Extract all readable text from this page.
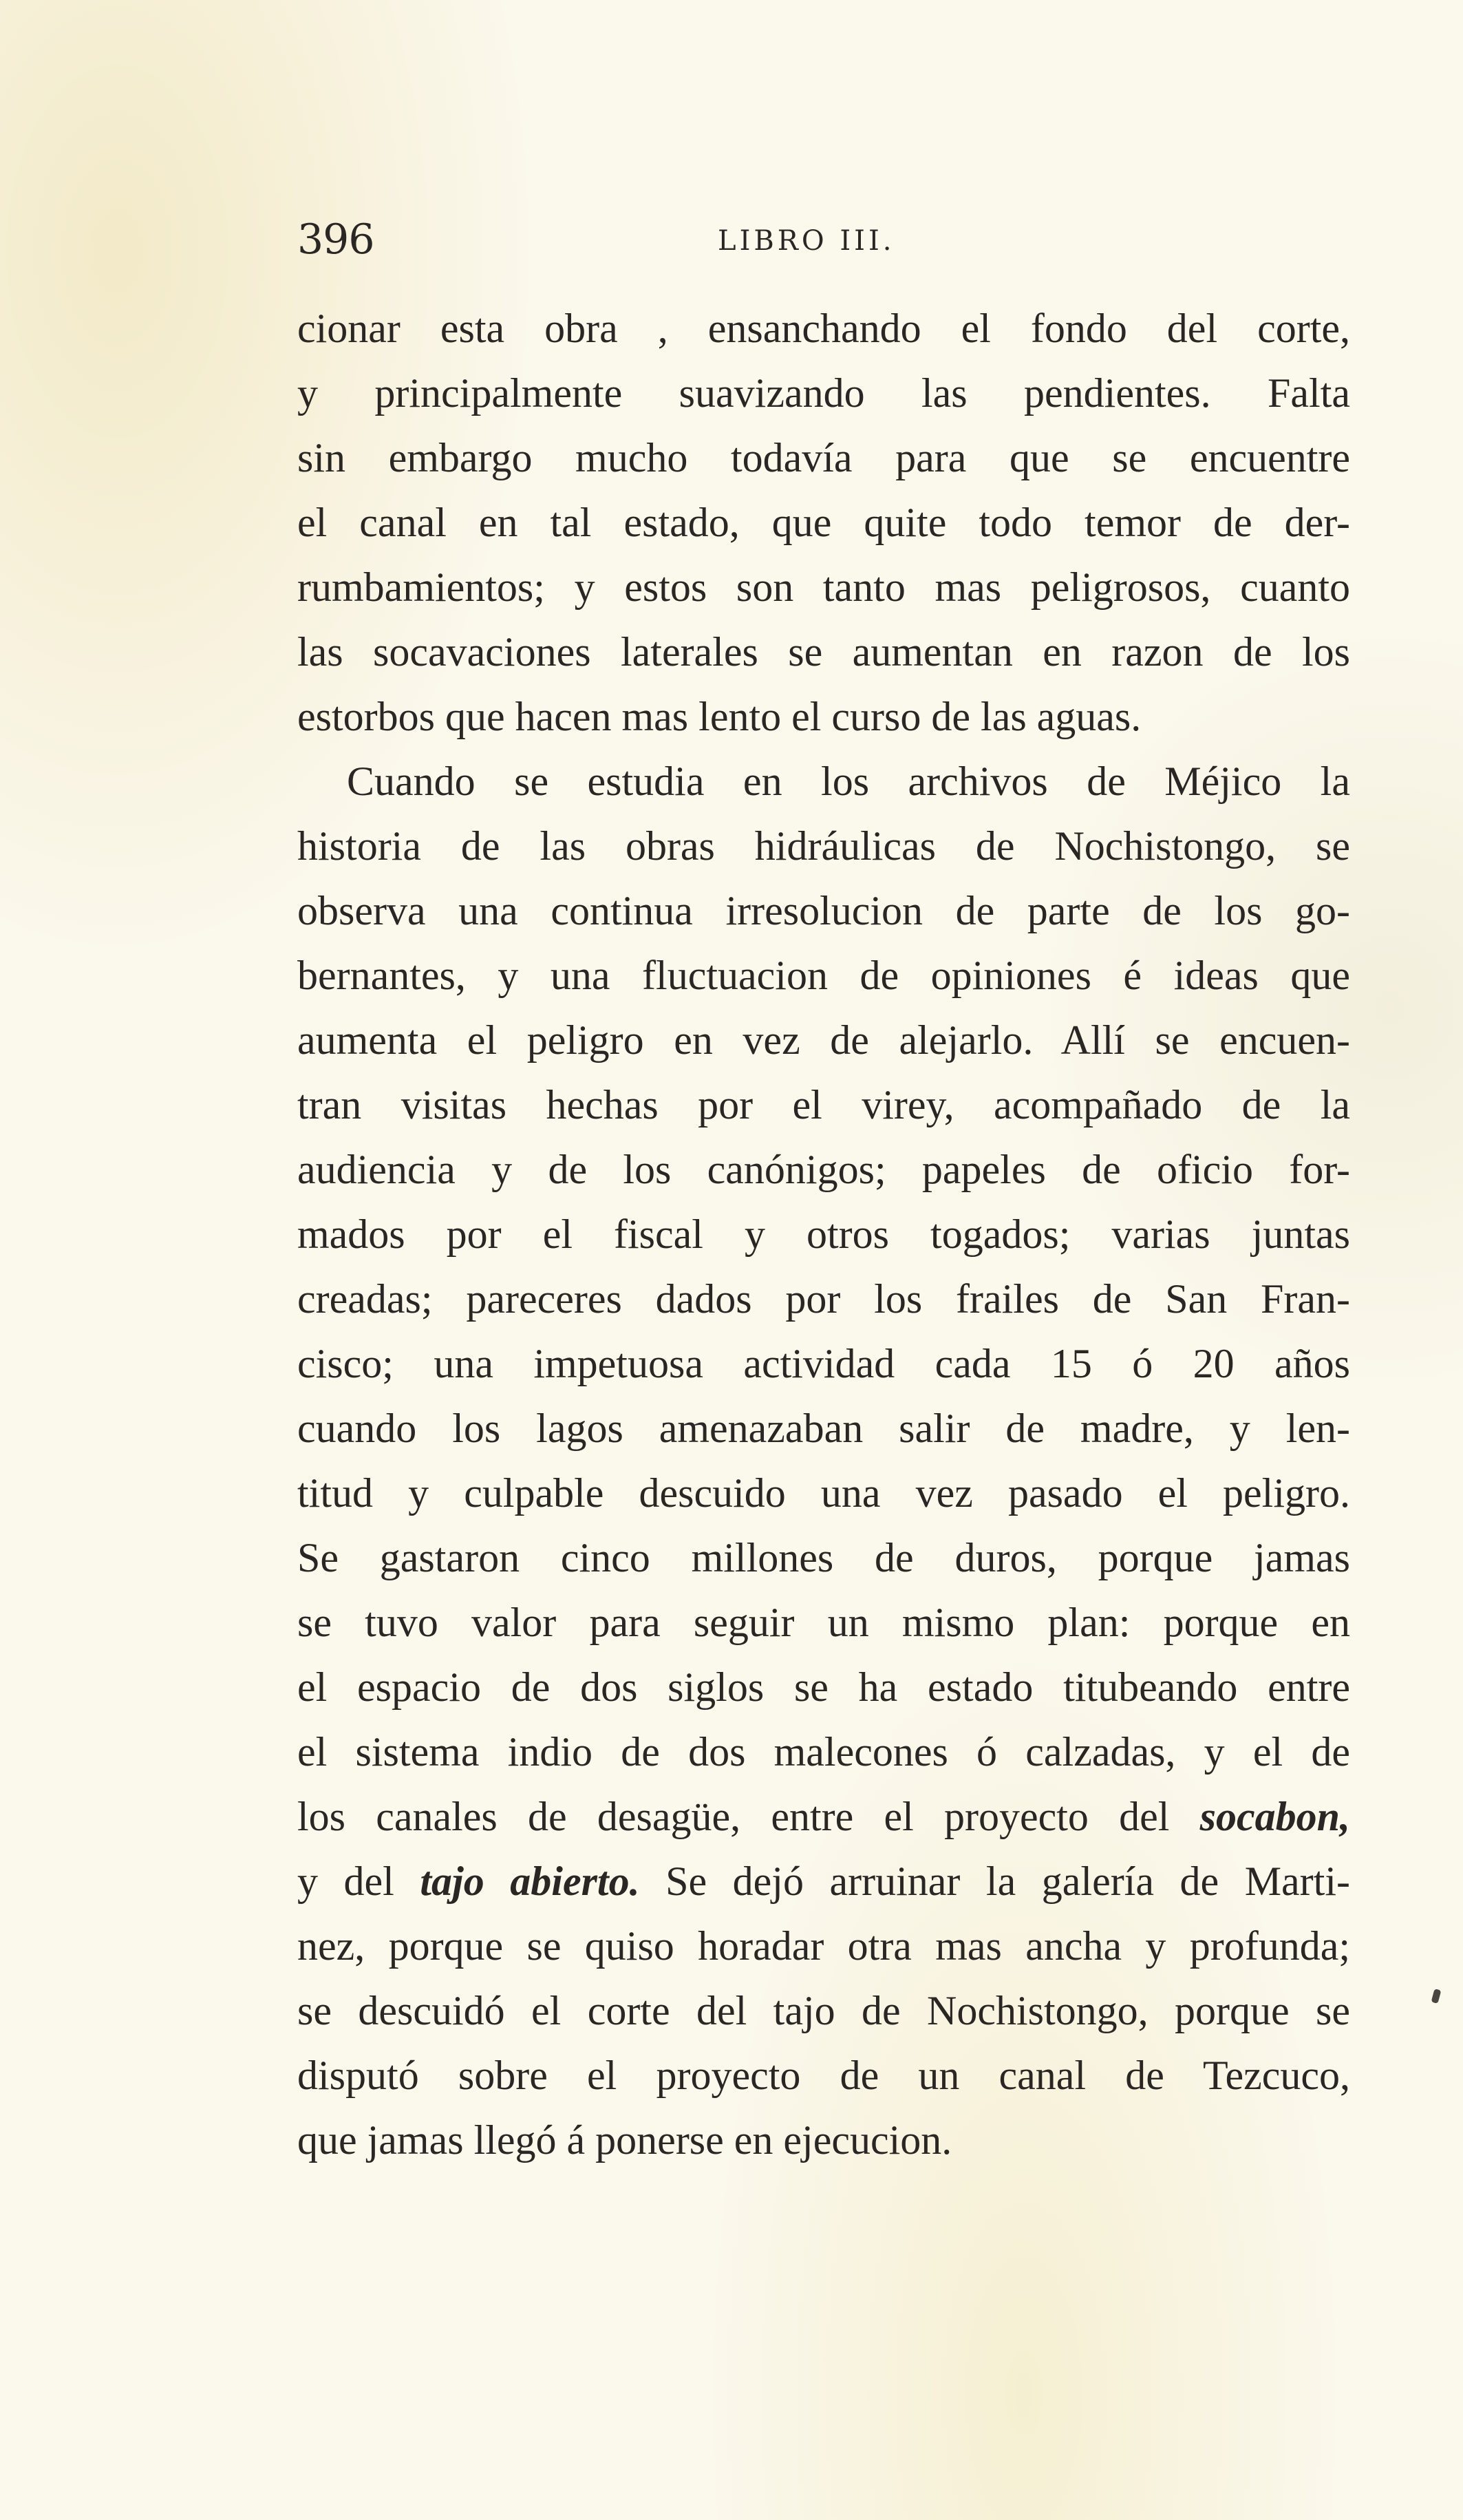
396	LIBRO III.
cionar esta obra , ensanchando el fondo del corte,
y principalmente suavizando las pendientes. Falta
sin embargo mucho todavía para que se encuentre
el canal en tal estado, que quite todo temor de der-
rumbamientos; y estos son tanto mas peligrosos, cuanto
las socavaciones laterales se aumentan en razon de los
estorbos que hacen mas lento el curso de las aguas.
Cuando se estudia en los archivos de Méjico la
historia de las obras hidráulicas de Nochistongo, se
observa una continua irresolucion de parte de los go-
bernantes, y una fluctuacion de opiniones é ideas que
aumenta el peligro en vez de alejarlo. Allí se encuen-
tran visitas hechas por el virey, acompañado de la
audiencia y de los canónigos; papeles de oficio for-
mados por el fiscal y otros togados; varias juntas
creadas; pareceres dados por los frailes de San Fran-
cisco; una impetuosa actividad cada 15 ó 20 años
cuando los lagos amenazaban salir de madre, y len-
titud y culpable descuido una vez pasado el peligro.
Se gastaron cinco millones de duros, porque jamas
se tuvo valor para seguir un mismo plan: porque en
el espacio de dos siglos se ha estado titubeando entre
el sistema indio de dos malecones ó calzadas, y el de
los canales de desagüe, entre el proyecto del socabon,
y del tajo abierto. Se dejó arruinar la galería de Marti-
nez, porque se quiso horadar otra mas ancha y profunda;
se descuidó el corte del tajo de Nochistongo, porque se
disputó sobre el proyecto de un canal de Tezcuco,
que jamas llegó á ponerse en ejecucion.
